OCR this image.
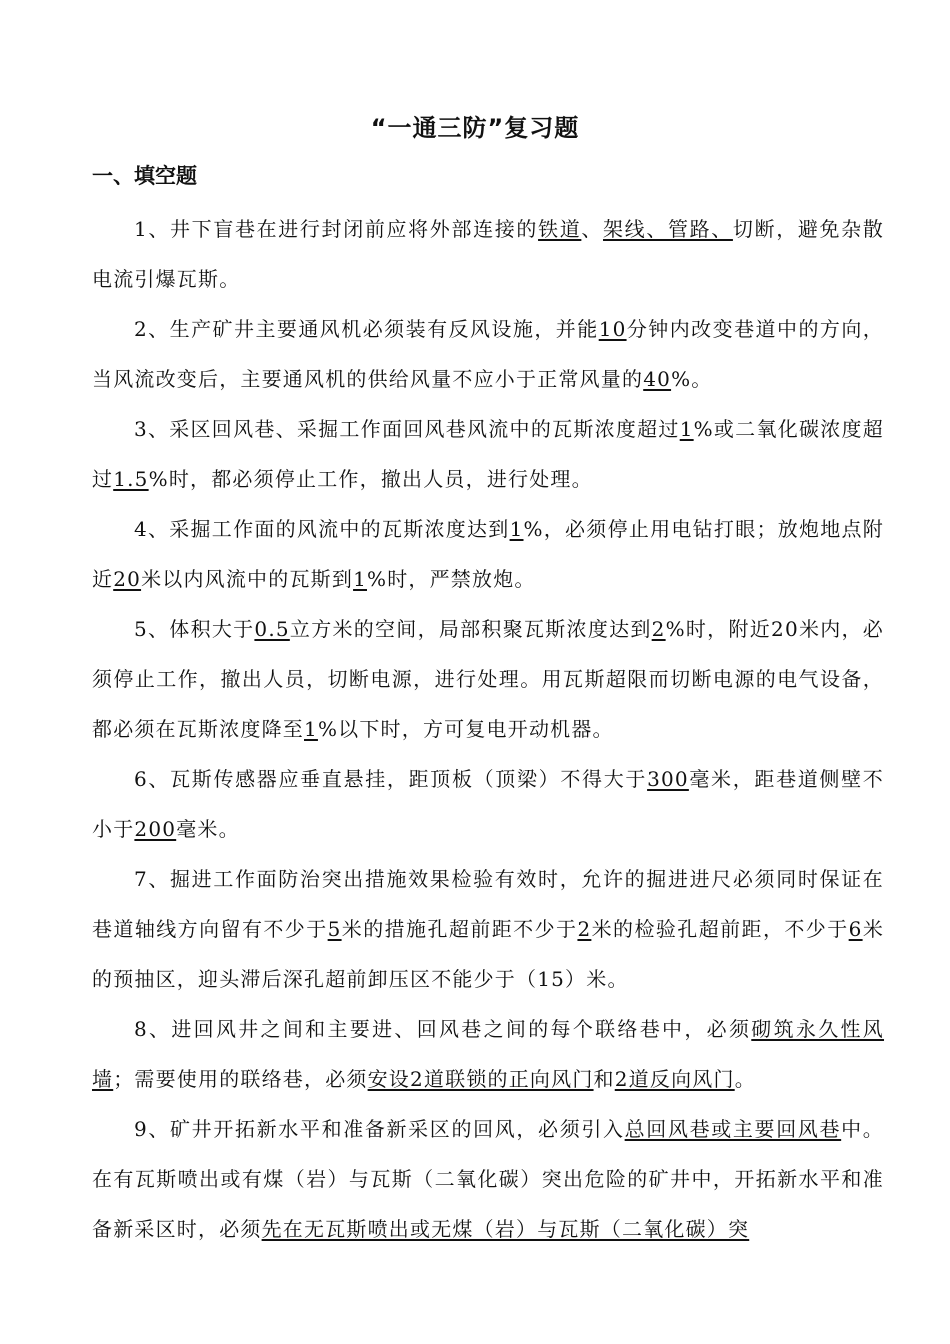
“一通三防”复习题
一、填空题

1、井下盲巷在进行封闭前应将外部连接的铁道、架线、管路、切断，避免杂散电流引爆瓦斯。

2、生产矿井主要通风机必须装有反风设施，并能10分钟内改变巷道中的方向，当风流改变后，主要通风机的供给风量不应小于正常风量的40%。

3、采区回风巷、采掘工作面回风巷风流中的瓦斯浓度超过1%或二氧化碳浓度超过1.5%时，都必须停止工作，撤出人员，进行处理。

4、采掘工作面的风流中的瓦斯浓度达到1%，必须停止用电钻打眼；放炮地点附近20米以内风流中的瓦斯到1%时，严禁放炮。

5、体积大于0.5立方米的空间，局部积聚瓦斯浓度达到2%时，附近20米内，必须停止工作，撤出人员，切断电源，进行处理。用瓦斯超限而切断电源的电气设备，都必须在瓦斯浓度降至1%以下时，方可复电开动机器。

6、瓦斯传感器应垂直悬挂，距顶板（顶梁）不得大于300毫米，距巷道侧壁不小于200毫米。

7、掘进工作面防治突出措施效果检验有效时，允许的掘进进尺必须同时保证在巷道轴线方向留有不少于5米的措施孔超前距不少于2米的检验孔超前距，不少于6米的预抽区，迎头滞后深孔超前卸压区不能少于（15）米。

8、进回风井之间和主要进、回风巷之间的每个联络巷中，必须砌筑永久性风墙；需要使用的联络巷，必须安设2道联锁的正向风门和2道反向风门。

9、矿井开拓新水平和准备新采区的回风，必须引入总回风巷或主要回风巷中。在有瓦斯喷出或有煤（岩）与瓦斯（二氧化碳）突出危险的矿井中，开拓新水平和准备新采区时，必须先在无瓦斯喷出或无煤（岩）与瓦斯（二氧化碳）突
